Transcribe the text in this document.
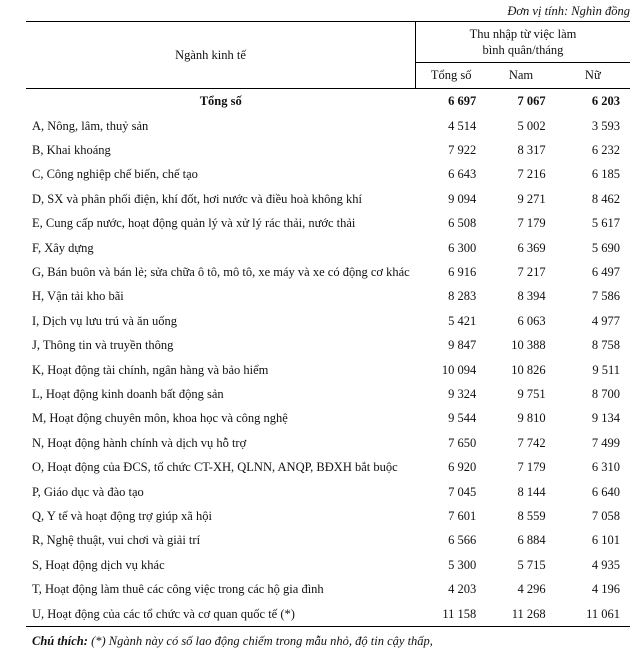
Đơn vị tính: Nghìn đồng
Ngành kinh tế	Thu nhập từ việc làm
bình quân/tháng		

	Tổng số	Nam	Nữ
Tổng số	6 697	7 067	6 203
A, Nông, lâm, thuỷ sản	4 514	5 002	3 593
B, Khai khoáng	7 922	8 317	6 232
C, Công nghiệp chế biến, chế tạo	6 643	7 216	6 185
D, SX và phân phối điện, khí đốt, hơi nước và điều hoà không khí	9 094	9 271	8 462
E, Cung cấp nước, hoạt động quản lý và xử lý rác thải, nước thải	6 508	7 179	5 617
F, Xây dựng	6 300	6 369	5 690
G, Bán buôn và bán lẻ; sửa chữa ô tô, mô tô, xe máy và xe có động cơ khác	6 916	7 217	6 497
H, Vận tải kho bãi	8 283	8 394	7 586
I, Dịch vụ lưu trú và ăn uống	5 421	6 063	4 977
J, Thông tin và truyền thông	9 847	10 388	8 758
K, Hoạt động tài chính, ngân hàng và bảo hiểm	10 094	10 826	9 511
L, Hoạt động kinh doanh bất động sản	9 324	9 751	8 700
M, Hoạt động chuyên môn, khoa học và công nghệ	9 544	9 810	9 134
N, Hoạt động hành chính và dịch vụ hỗ trợ	7 650	7 742	7 499
O, Hoạt động của ĐCS, tổ chức CT-XH, QLNN, ANQP, BĐXH bắt buộc	6 920	7 179	6 310
P, Giáo dục và đào tạo	7 045	8 144	6 640
Q, Y tế và hoạt động trợ giúp xã hội	7 601	8 559	7 058
R, Nghệ thuật, vui chơi và giải trí	6 566	6 884	6 101
S, Hoạt động dịch vụ khác	5 300	5 715	4 935
T, Hoạt động làm thuê các công việc trong các hộ gia đình	4 203	4 296	4 196
U, Hoạt động của các tổ chức và cơ quan quốc tế (*)	11 158	11 268	11 061
Chú thích: (*) Ngành này có số lao động chiếm trong mẫu nhỏ, độ tin cậy thấp,
